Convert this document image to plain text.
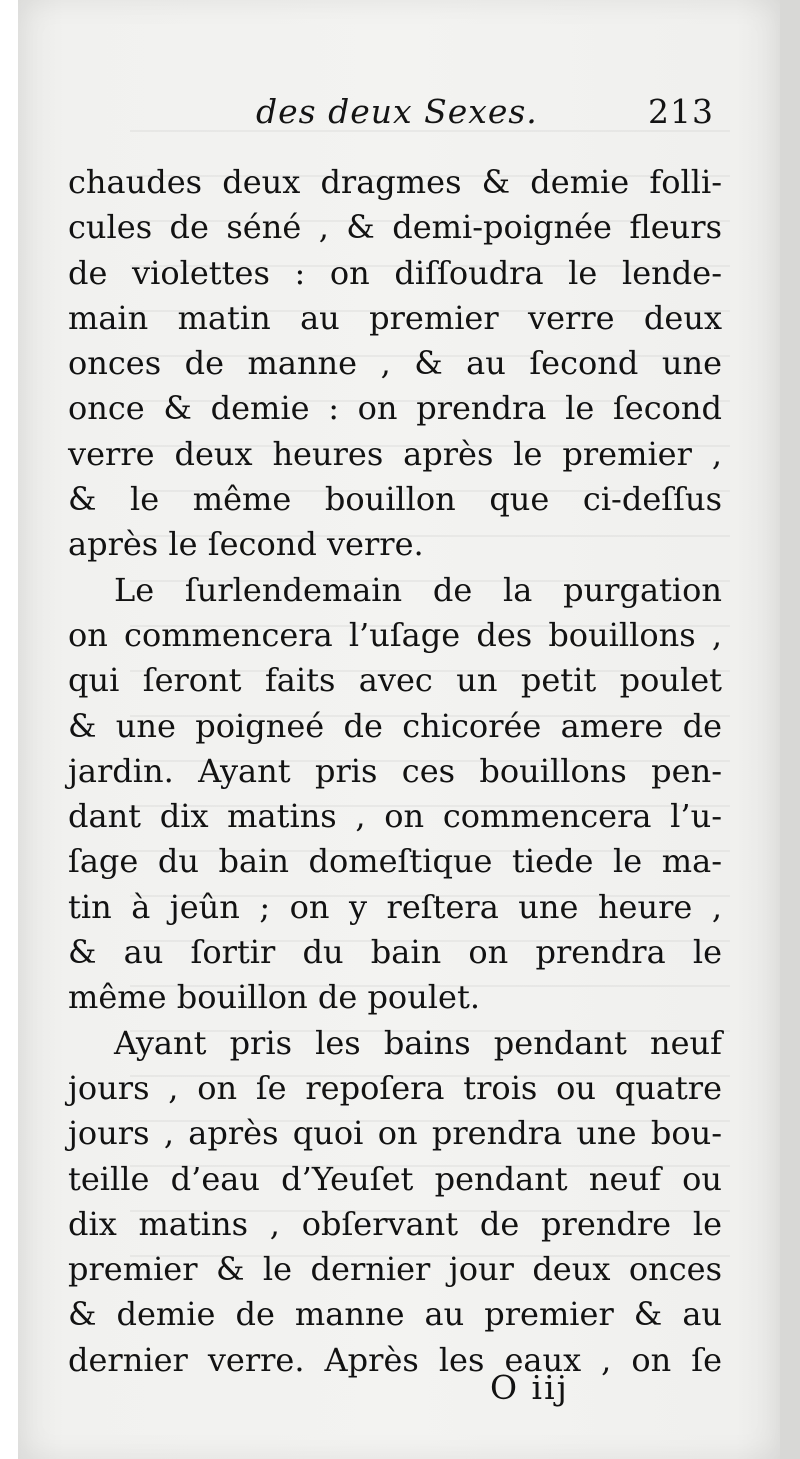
des deux Sexes.	213
chaudes deux dragmes & demie folli-
cules de séné , & demi-poignée fleurs
de violettes : on diſſoudra le lende-
main matin au premier verre deux
onces de manne , & au ſecond une
once & demie : on prendra le ſecond
verre deux heures après le premier ,
& le même bouillon que ci-deſſus
après le ſecond verre.
Le ſurlendemain de la purgation
on commencera l’uſage des bouillons ,
qui ſeront faits avec un petit poulet
& une poigneé de chicorée amere de
jardin. Ayant pris ces bouillons pen-
dant dix matins , on commencera l’u-
ſage du bain domeſtique tiede le ma-
tin à jeûn ; on y reſtera une heure ,
& au ſortir du bain on prendra le
même bouillon de poulet.
Ayant pris les bains pendant neuf
jours , on ſe repoſera trois ou quatre
jours , après quoi on prendra une bou-
teille d’eau d’Yeuſet pendant neuf ou
dix matins , obſervant de prendre le
premier & le dernier jour deux onces
& demie de manne au premier & au
dernier verre. Après les eaux , on ſe
O iij
